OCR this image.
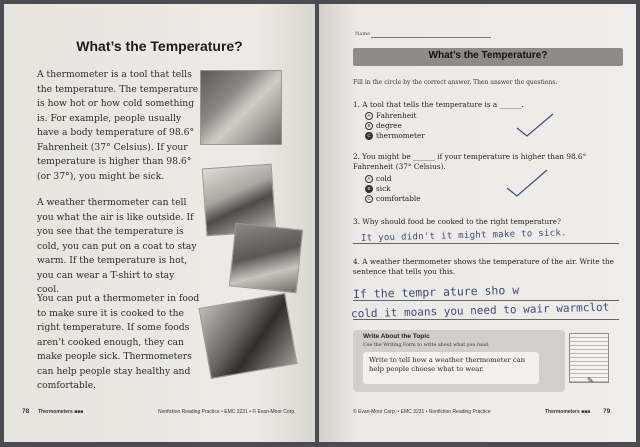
What’s the Temperature?

A thermometer is a tool that tells the temperature. The temperature is how hot or how cold something is. For example, people usually have a body temperature of 98.6° Fahrenheit (37° Celsius). If your temperature is higher than 98.6° (or 37°), you might be sick.

A weather thermometer can tell you what the air is like outside. If you see that the temperature is cold, you can put on a coat to stay warm. If the temperature is hot, you can wear a T-shirt to stay cool.

You can put a thermometer in food to make sure it is cooked to the right temperature. If some foods aren’t cooked enough, they can make people sick. Thermometers can help people stay healthy and comfortable.

78 Thermometers ■■■	Nonfiction Reading Practice • EMC 3231 • © Evan-Moor Corp.
Name
What’s the Temperature?
Fill in the circle by the correct answer. Then answer the questions.
1. A tool that tells the temperature is a ______.
A Fahrenheit
B degree
C thermometer
2. You might be ______ if your temperature is higher than 98.6° Fahrenheit (37° Celsius).
A cold
B sick
C comfortable
3. Why should food be cooked to the right temperature?
It you didn't it might make to sick.
4. A weather thermometer shows the temperature of the air. Write the sentence that tells you this.
If the tempr ature sho w
cold it moans you need to wair warmclot
Write About the Topic
Use the Writing Form to write about what you read.
Write to tell how a weather thermometer can help people choose what to wear.
✎
© Evan-Moor Corp. • EMC 3231 • Nonfiction Reading Practice	Thermometers ■■■ 79
